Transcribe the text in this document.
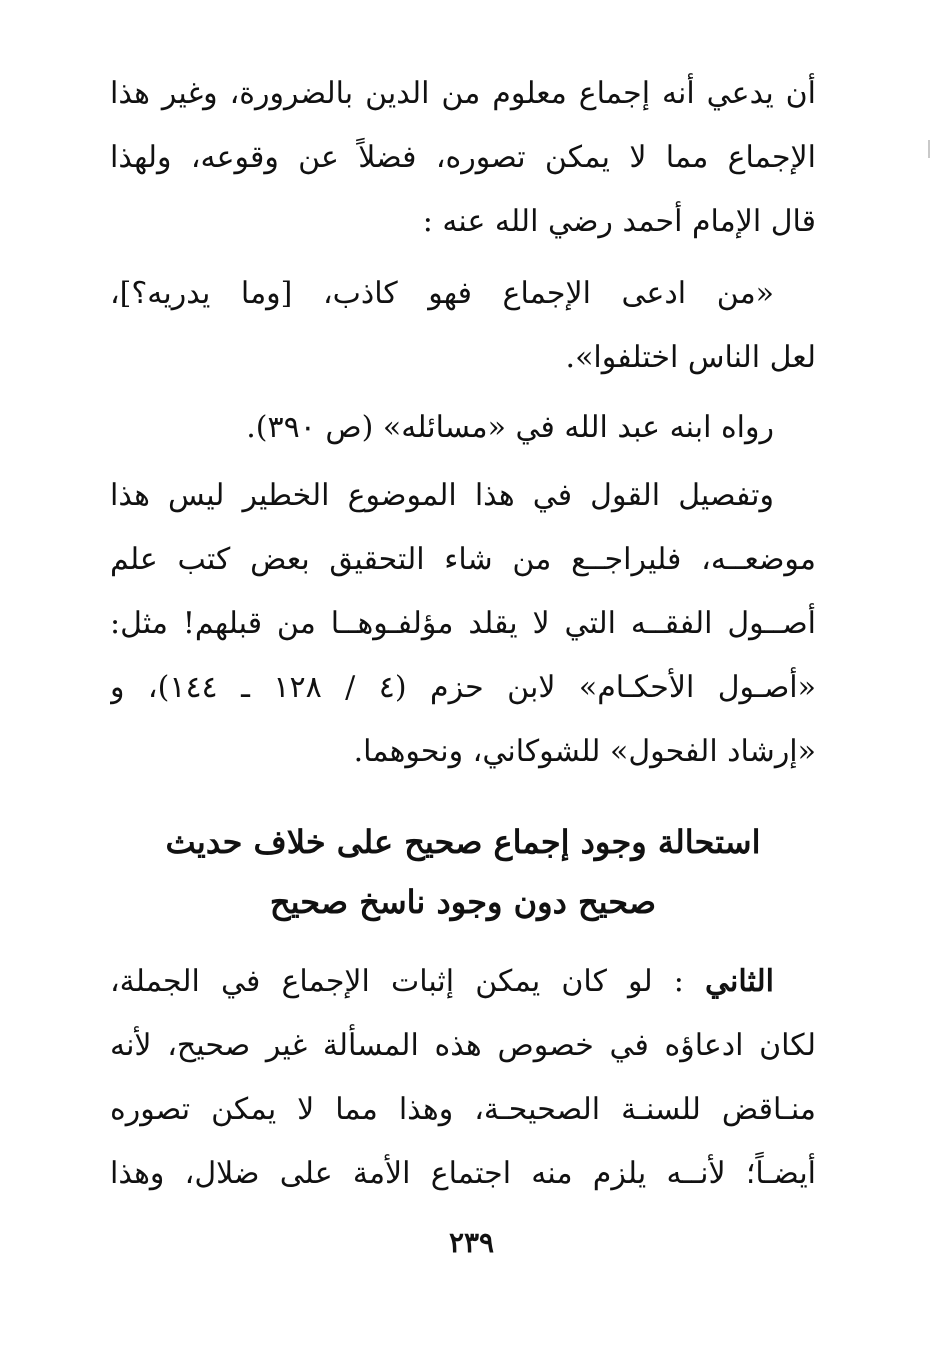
أن يدعي أنه إجماع معلوم من الدين بالضرورة، وغير هذا
الإجماع مما لا يمكن تصوره، فضلاً عن وقوعه، ولهذا
قال الإمام أحمد رضي الله عنه :
«من ادعى الإجماع فهو كاذب، [وما يدريه؟]،
لعل الناس اختلفوا».
رواه ابنه عبد الله في «مسائله» (ص ٣٩٠).
وتفصيل القول في هذا الموضوع الخطير ليس هذا
موضعــه، فليراجــع من شاء التحقيق بعض كتب علم
أصــول الفقــه التي لا يقلد مؤلفـوهــا من قبلهم! مثل:
«أصـول الأحكـام» لابن حزم (٤ / ١٢٨ ـ ١٤٤)، و
«إرشاد الفحول» للشوكاني، ونحوهما.
استحالة وجود إجماع صحيح على خلاف حديث
صحيح دون وجود ناسخ صحيح
الثاني : لو كان يمكن إثبات الإجماع في الجملة،
لكان ادعاؤه في خصوص هذه المسألة غير صحيح، لأنه
منـاقض للسنـة الصحيحـة، وهذا مما لا يمكن تصوره
أيضـاً؛ لأنــه يلزم منه اجتماع الأمة على ضلال، وهذا
٢٣٩
